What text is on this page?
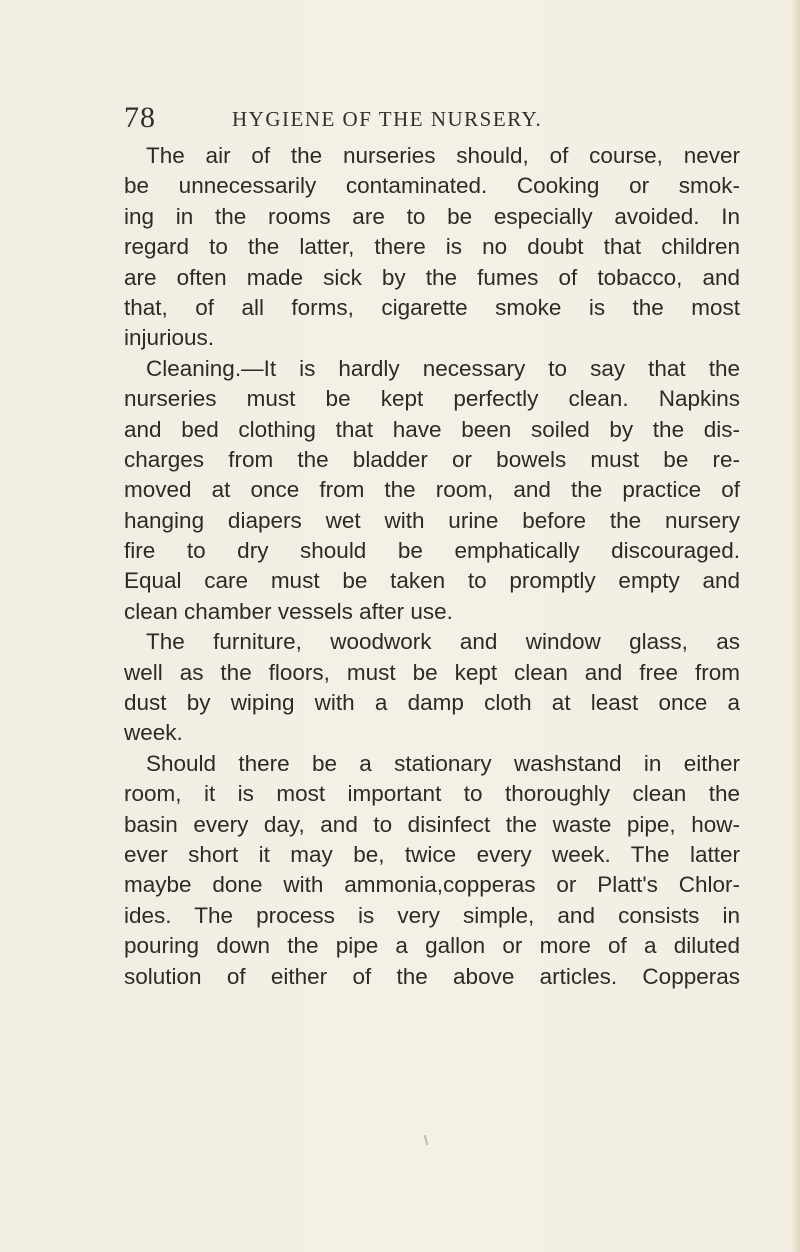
78	HYGIENE OF THE NURSERY.
The air of the nurseries should, of course, never
be unnecessarily contaminated. Cooking or smok-
ing in the rooms are to be especially avoided. In
regard to the latter, there is no doubt that children
are often made sick by the fumes of tobacco, and
that, of all forms, cigarette smoke is the most
injurious.
Cleaning.—It is hardly necessary to say that the
nurseries must be kept perfectly clean. Napkins
and bed clothing that have been soiled by the dis-
charges from the bladder or bowels must be re-
moved at once from the room, and the practice of
hanging diapers wet with urine before the nursery
fire to dry should be emphatically discouraged.
Equal care must be taken to promptly empty and
clean chamber vessels after use.
The furniture, woodwork and window glass, as
well as the floors, must be kept clean and free from
dust by wiping with a damp cloth at least once a
week.
Should there be a stationary washstand in either
room, it is most important to thoroughly clean the
basin every day, and to disinfect the waste pipe, how-
ever short it may be, twice every week. The latter
maybe done with ammonia,copperas or Platt's Chlor-
ides. The process is very simple, and consists in
pouring down the pipe a gallon or more of a diluted
solution of either of the above articles. Copperas
